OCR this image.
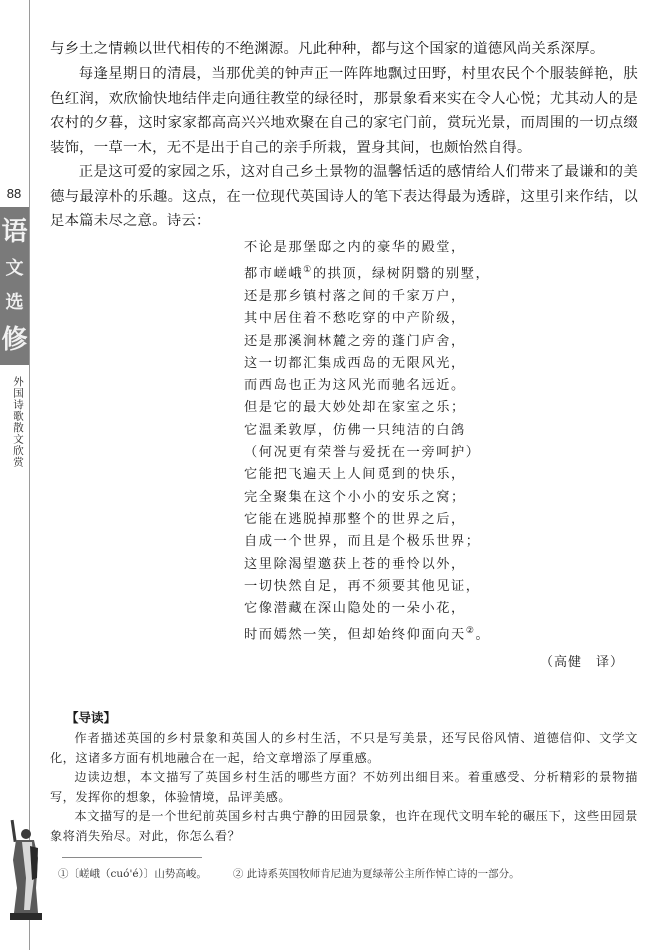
88
语
文
选
修
外国诗歌散文欣赏

与乡土之情赖以世代相传的不绝渊源。凡此种种，都与这个国家的道德风尚关系深厚。

每逢星期日的清晨，当那优美的钟声正一阵阵地飘过田野，村里农民个个服装鲜艳，肤色红润，欢欣愉快地结伴走向通往教堂的绿径时，那景象看来实在令人心悦；尤其动人的是农村的夕暮，这时家家都高高兴兴地欢聚在自己的家宅门前，赏玩光景，而周围的一切点缀装饰，一草一木，无不是出于自己的亲手所栽，置身其间，也颇怡然自得。

正是这可爱的家园之乐，这对自己乡土景物的温馨恬适的感情给人们带来了最谦和的美德与最淳朴的乐趣。这点，在一位现代英国诗人的笔下表达得最为透辟，这里引来作结，以足本篇未尽之意。诗云：

不论是那堡邸之内的豪华的殿堂，
都市嵯峨①的拱顶，绿树阴翳的别墅，
还是那乡镇村落之间的千家万户，
其中居住着不愁吃穿的中产阶级，
还是那溪涧林麓之旁的蓬门庐舍，
这一切都汇集成西岛的无限风光，
而西岛也正为这风光而驰名远近。
但是它的最大妙处却在家室之乐；
它温柔敦厚，仿佛一只纯洁的白鸽
（何况更有荣誉与爱抚在一旁呵护）
它能把飞遍天上人间觅到的快乐，
完全聚集在这个小小的安乐之窝；
它能在逃脱掉那整个的世界之后，
自成一个世界，而且是个极乐世界；
这里除渴望邀获上苍的垂怜以外，
一切快然自足，再不须要其他见证，
它像潜藏在深山隐处的一朵小花，
时而嫣然一笑，但却始终仰面向天②。
（高健　译）

【导读】

作者描述英国的乡村景象和英国人的乡村生活，不只是写美景，还写民俗风情、道德信仰、文学文化，这诸多方面有机地融合在一起，给文章增添了厚重感。

边读边想，本文描写了英国乡村生活的哪些方面？不妨列出细目来。着重感受、分析精彩的景物描写，发挥你的想象，体验情境，品评美感。

本文描写的是一个世纪前英国乡村古典宁静的田园景象，也许在现代文明车轮的碾压下，这些田园景象将消失殆尽。对此，你怎么看？

①〔嵯峨（cuó'é）〕山势高峻。 ② 此诗系英国牧师肯尼迪为夏绿蒂公主所作悼亡诗的一部分。
